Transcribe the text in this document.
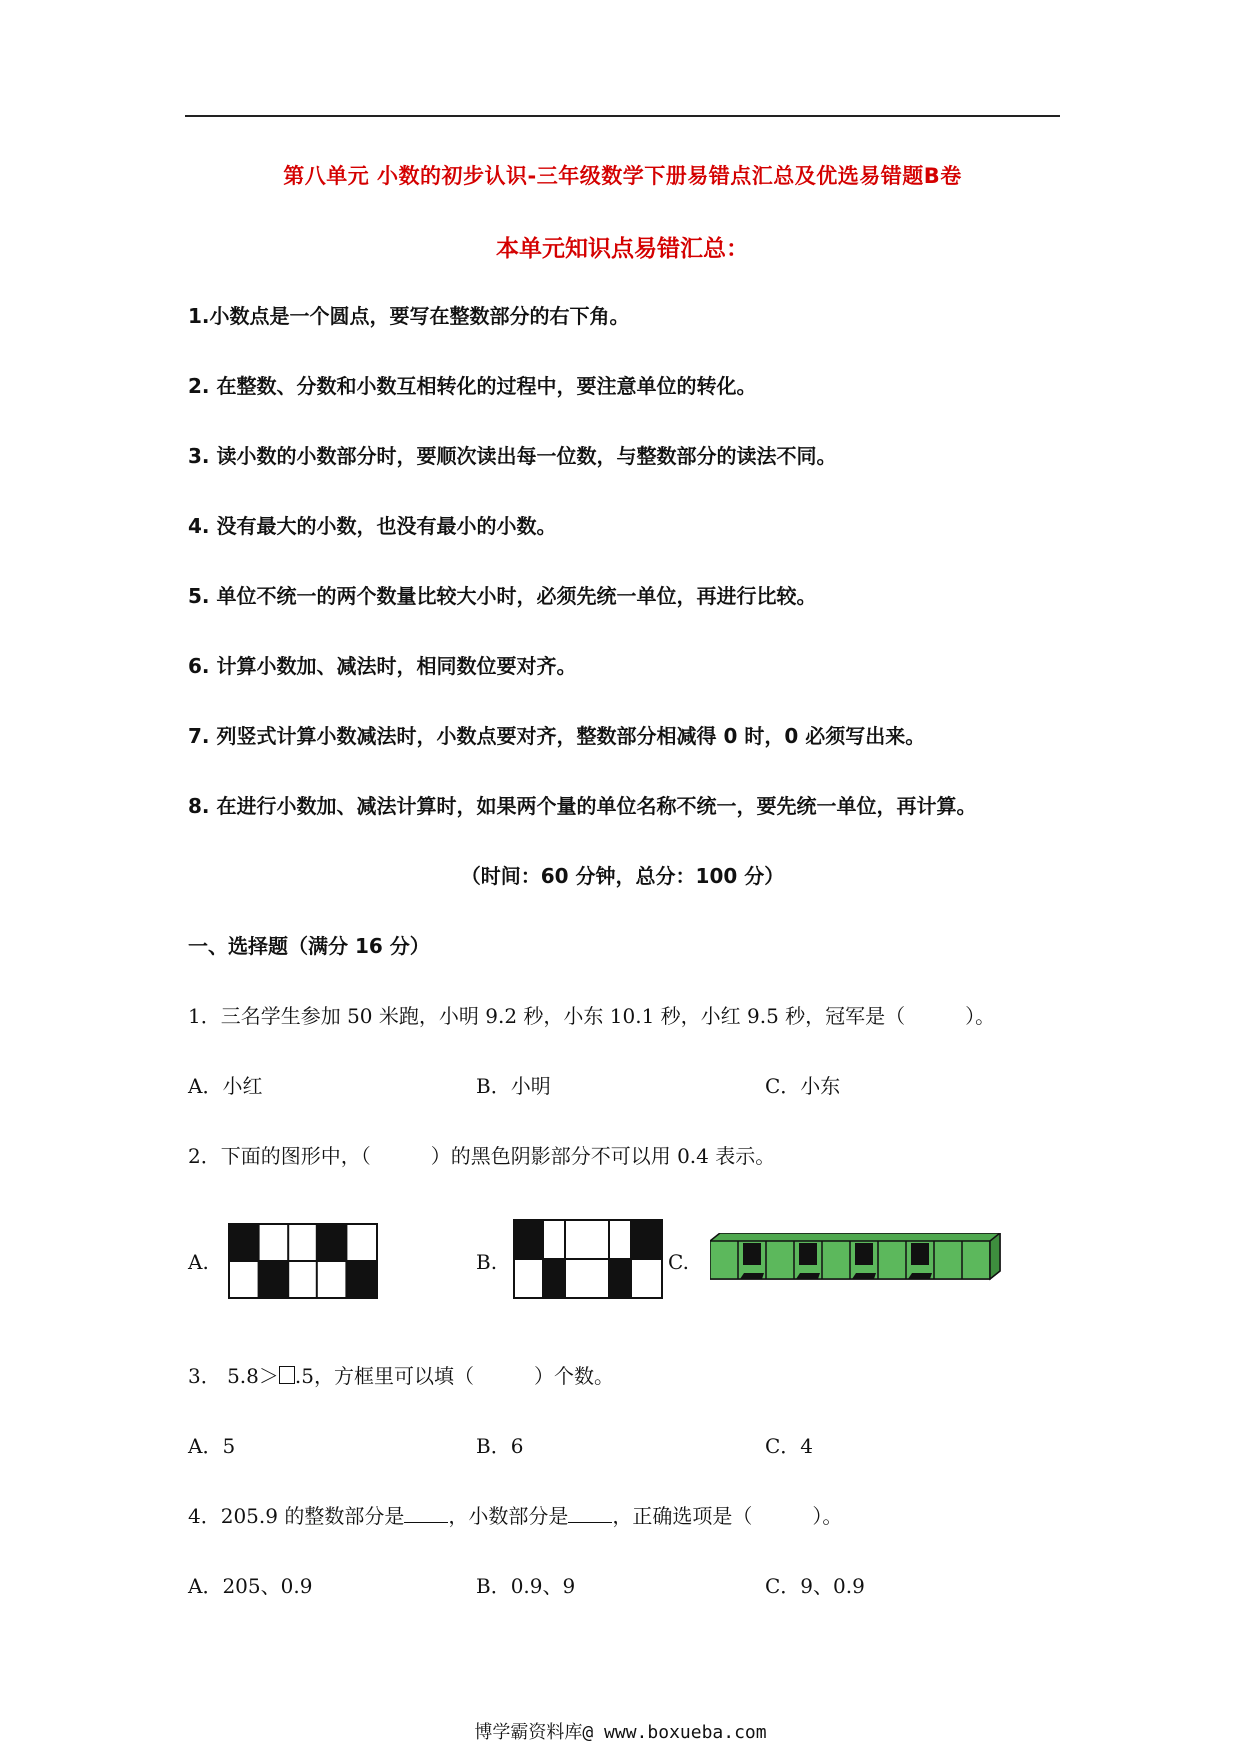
第八单元 小数的初步认识-三年级数学下册易错点汇总及优选易错题B卷
本单元知识点易错汇总：
1.小数点是一个圆点，要写在整数部分的右下角。
2. 在整数、分数和小数互相转化的过程中，要注意单位的转化。
3. 读小数的小数部分时，要顺次读出每一位数，与整数部分的读法不同。
4. 没有最大的小数，也没有最小的小数。
5. 单位不统一的两个数量比较大小时，必须先统一单位，再进行比较。
6. 计算小数加、减法时，相同数位要对齐。
7. 列竖式计算小数减法时，小数点要对齐，整数部分相减得 0 时，0 必须写出来。
8. 在进行小数加、减法计算时，如果两个量的单位名称不统一，要先统一单位，再计算。
（时间：60 分钟，总分：100 分）
一、选择题（满分 16 分）
1．三名学生参加 50 米跑，小明 9.2 秒，小东 10.1 秒，小红 9.5 秒，冠军是（　　　）。
A．小红	B．小明	C．小东
2．下面的图形中，（　　　）的黑色阴影部分不可以用 0.4 表示。
A.	B.	C.
3． 5.8＞ .5，方框里可以填（　　　）个数。
A．5	B．6	C．4
4．205.9 的整数部分是 ，小数部分是 ，正确选项是（　　　）。
A．205、0.9	B．0.9、9	C．9、0.9
博学霸资料库@ www.boxueba.com
